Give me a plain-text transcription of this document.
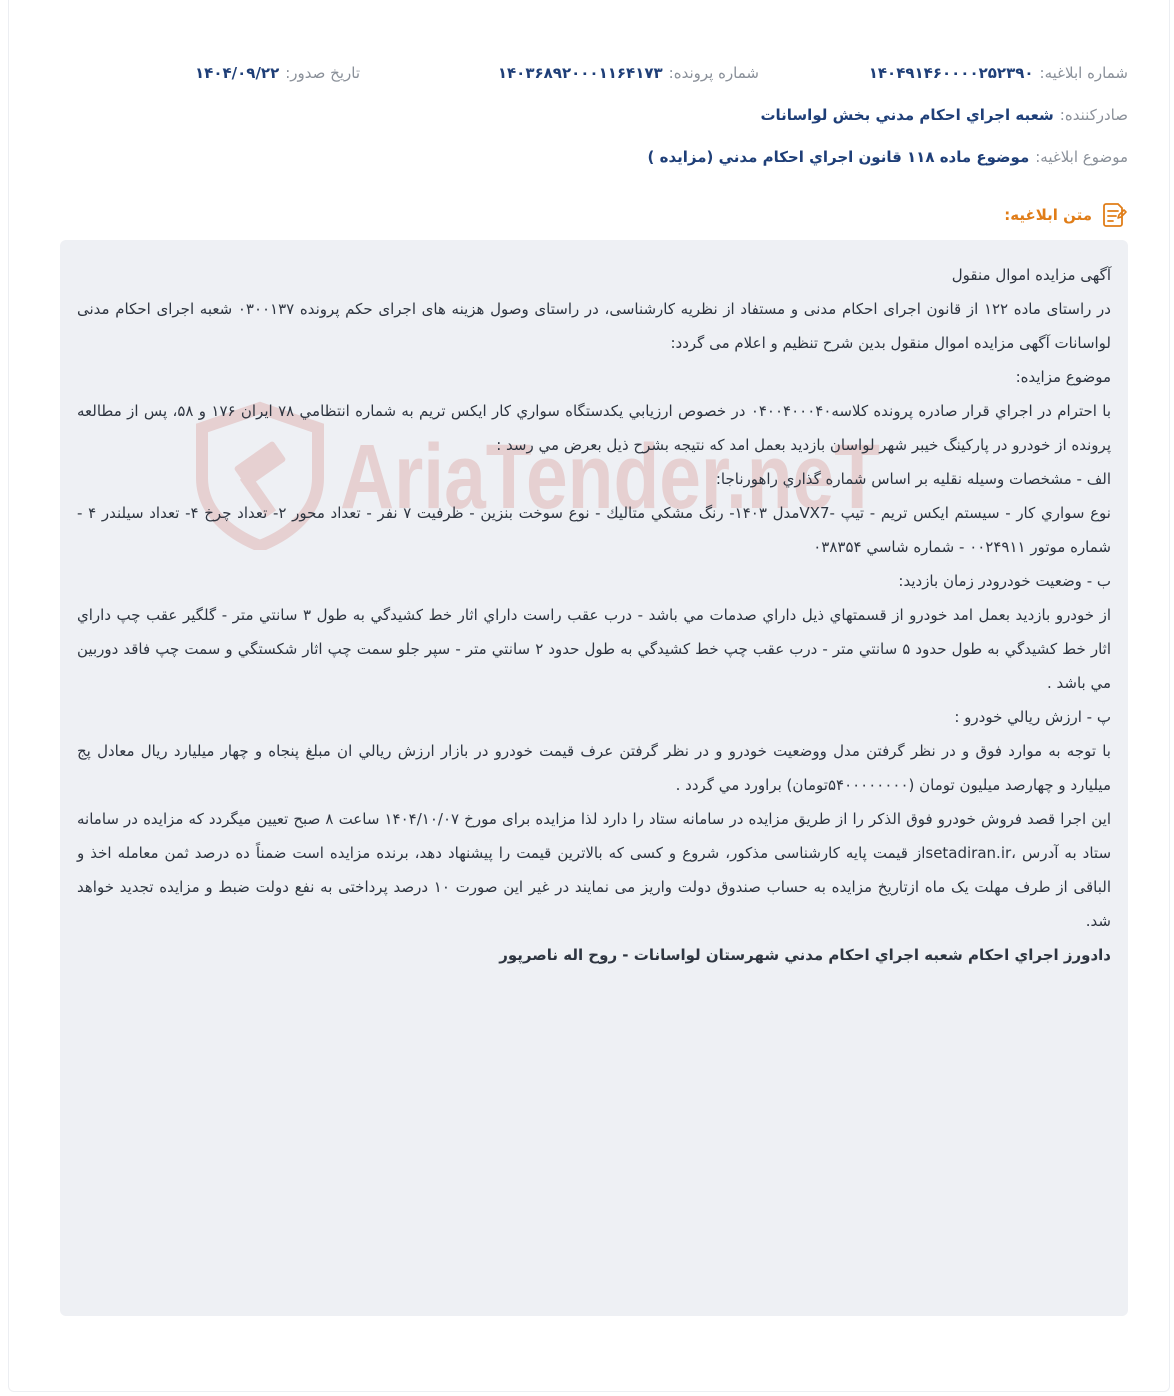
شماره ابلاغیه:
۱۴۰۴۹۱۴۶۰۰۰۰۲۵۲۳۹۰
شماره پرونده:
۱۴۰۳۶۸۹۲۰۰۰۱۱۶۴۱۷۳
تاریخ صدور:
۱۴۰۴/۰۹/۲۲
صادرکننده:
شعبه اجراي احكام مدني بخش لواسانات
موضوع ابلاغیه:
موضوع ماده ۱۱۸ قانون اجراي احكام مدني (مزايده )
متن ابلاغیه:
AriaTender.neT

آگهی مزایده اموال منقول

در راستای ماده ۱۲۲ از قانون اجرای احکام مدنی و مستفاد از نظریه کارشناسی، در راستای وصول هزینه های اجرای حکم پرونده ۰۳۰۰۱۳۷ شعبه اجرای احکام مدنی لواسانات آگهی مزایده اموال منقول بدین شرح تنظیم و اعلام می گردد:

موضوع مزایده:

با احترام در اجراي قرار صادره پرونده كلاسه۰۴۰۰۴۰۰۰۴۰ در خصوص ارزيابي يكدستگاه سواري كار ايكس تريم به شماره انتظامي ۷۸ ايران ۱۷۶ و ۵۸، پس از مطالعه پرونده از خودرو در پاركينگ خيبر شهر لواسان بازديد بعمل امد كه نتيجه بشرح ذيل بعرض مي رسد :

الف - مشخصات وسيله نقليه بر اساس شماره گذاري راهورناجا:

نوع سواري كار - سيستم ايكس تريم - تيپ -VX7مدل ۱۴۰۳- رنگ مشكي متاليك - نوع سوخت بنزين - ظرفيت ۷ نفر - تعداد محور ۲- تعداد چرخ ۴- تعداد سيلندر ۴ - شماره موتور ۰۰۲۴۹۱۱ - شماره شاسي ۰۳۸۳۵۴

ب - وضعيت خودرودر زمان بازديد:

از خودرو بازديد بعمل امد خودرو از قسمتهاي ذيل داراي صدمات مي باشد - درب عقب راست داراي اثار خط كشيدگي به طول ۳ سانتي متر - گلگير عقب چپ داراي اثار خط كشيدگي به طول حدود ۵ سانتي متر - درب عقب چپ خط كشيدگي به طول حدود ۲ سانتي متر - سپر جلو سمت چپ اثار شكستگي و سمت چپ فاقد دوربين مي باشد .

پ - ارزش ريالي خودرو :

با توجه به موارد فوق و در نظر گرفتن مدل ووضعيت خودرو و در نظر گرفتن عرف قيمت خودرو در بازار ارزش ريالي ان مبلغ پنجاه و چهار ميليارد ريال معادل پج ميليارد و چهارصد ميليون تومان (۵۴۰۰۰۰۰۰۰۰تومان) براورد مي گردد .

این اجرا قصد فروش خودرو فوق الذکر را از طریق مزایده در سامانه ستاد را دارد لذا مزایده برای مورخ ۱۴۰۴/۱۰/۰۷ ساعت ۸ صبح تعیین میگردد که مزایده در سامانه ستاد به آدرس ،setadiran.irاز قیمت پایه کارشناسی مذکور، شروع و کسی که بالاترین قیمت را پیشنهاد دهد، برنده مزایده است ضمناً ده درصد ثمن معامله اخذ و الباقی از طرف مهلت یک ماه ازتاریخ مزایده به حساب صندوق دولت واریز می نمایند در غیر این صورت ۱۰ درصد پرداختی به نفع دولت ضبط و مزایده تجدید خواهد شد.

دادورز اجراي احكام شعبه اجراي احكام مدني شهرستان لواسانات - روح اله ناصرپور
